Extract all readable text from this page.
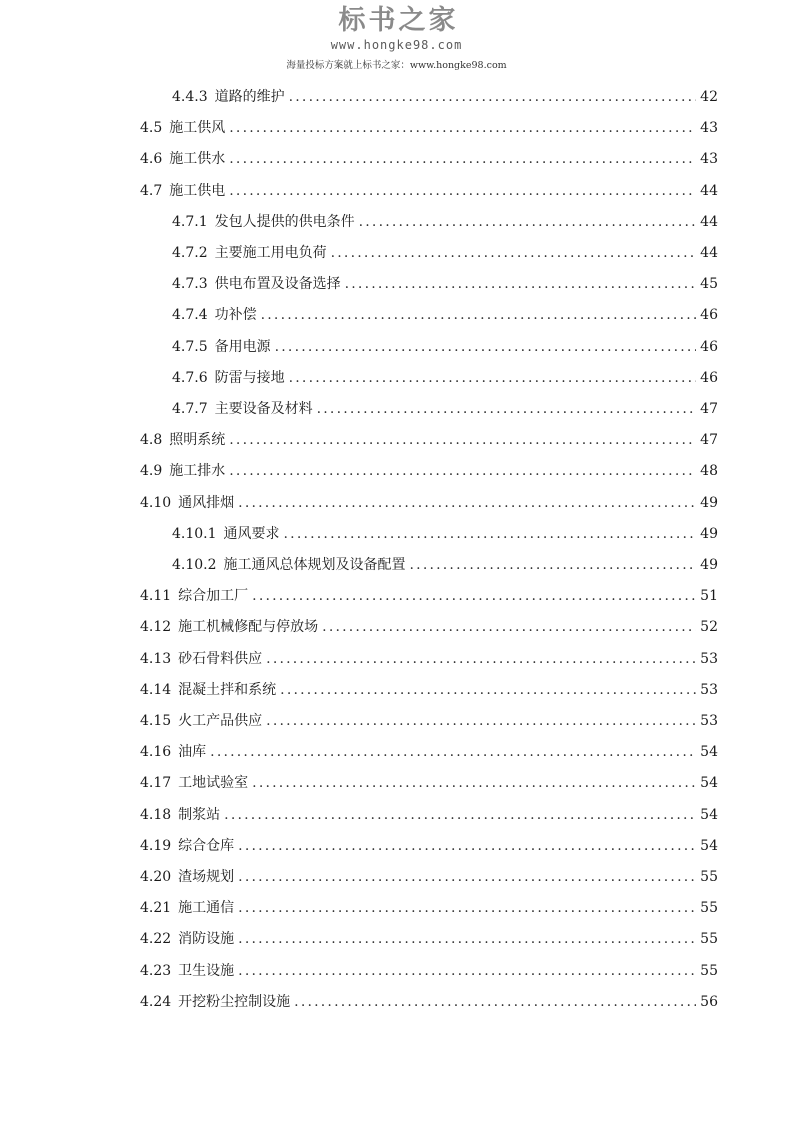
标书之家
www.hongke98.com
海量投标方案就上标书之家：www.hongke98.com
4.4.3 道路的维护 .....	42
4.5 施工供风 .....	43
4.6 施工供水 .....	43
4.7 施工供电 .....	44
4.7.1 发包人提供的供电条件 .....	44
4.7.2 主要施工用电负荷 .....	44
4.7.3 供电布置及设备选择 .....	45
4.7.4 功补偿 .....	46
4.7.5 备用电源 .....	46
4.7.6 防雷与接地 .....	46
4.7.7 主要设备及材料 .....	47
4.8 照明系统 .....	47
4.9 施工排水 .....	48
4.10 通风排烟 .....	49
4.10.1 通风要求 .....	49
4.10.2 施工通风总体规划及设备配置 .....	49
4.11 综合加工厂 .....	51
4.12 施工机械修配与停放场 .....	52
4.13 砂石骨料供应 .....	53
4.14 混凝土拌和系统 .....	53
4.15 火工产品供应 .....	53
4.16 油库 .....	54
4.17 工地试验室 .....	54
4.18 制浆站 .....	54
4.19 综合仓库 .....	54
4.20 渣场规划 .....	55
4.21 施工通信 .....	55
4.22 消防设施 .....	55
4.23 卫生设施 .....	55
4.24 开挖粉尘控制设施 .....	56
